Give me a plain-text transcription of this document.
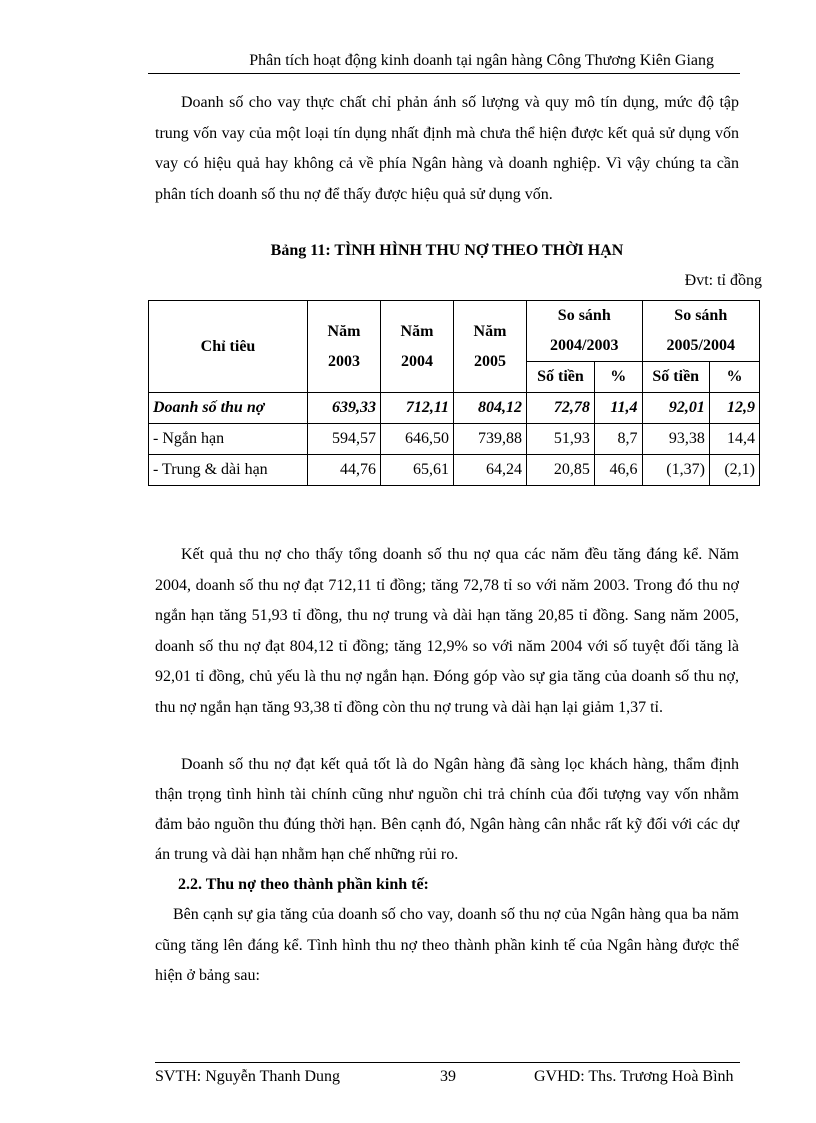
Phân tích hoạt động kinh doanh tại ngân hàng Công Thương Kiên Giang

Doanh số cho vay thực chất chỉ phản ánh số lượng và quy mô tín dụng, mức độ tập trung vốn vay của một loại tín dụng nhất định mà chưa thể hiện được kết quả sử dụng vốn vay có hiệu quả hay không cả về phía Ngân hàng và doanh nghiệp. Vì vậy chúng ta cần phân tích doanh số thu nợ để thấy được hiệu quả sử dụng vốn.

Bảng 11: TÌNH HÌNH THU NỢ THEO THỜI HẠN
Đvt: tỉ đồng
Chỉ tiêu	Năm 2003	Năm 2004	Năm 2005	So sánh 2004/2003		So sánh 2005/2004	
				Số tiền	%	Số tiền	%
Doanh số thu nợ	639,33	712,11	804,12	72,78	11,4	92,01	12,9
- Ngắn hạn	594,57	646,50	739,88	51,93	8,7	93,38	14,4
- Trung & dài hạn	44,76	65,61	64,24	20,85	46,6	(1,37)	(2,1)

Kết quả thu nợ cho thấy tổng doanh số thu nợ qua các năm đều tăng đáng kể. Năm 2004, doanh số thu nợ đạt 712,11 tỉ đồng; tăng 72,78 tỉ so với năm 2003. Trong đó thu nợ ngắn hạn tăng 51,93 tỉ đồng, thu nợ trung và dài hạn tăng 20,85 tỉ đồng. Sang năm 2005, doanh số thu nợ đạt 804,12 tỉ đồng; tăng 12,9% so với năm 2004 với số tuyệt đối tăng là 92,01 tỉ đồng, chủ yếu là thu nợ ngắn hạn. Đóng góp vào sự gia tăng của doanh số thu nợ, thu nợ ngắn hạn tăng 93,38 tỉ đồng còn thu nợ trung và dài hạn lại giảm 1,37 tỉ.

Doanh số thu nợ đạt kết quả tốt là do Ngân hàng đã sàng lọc khách hàng, thẩm định thận trọng tình hình tài chính cũng như nguồn chi trả chính của đối tượng vay vốn nhằm đảm bảo nguồn thu đúng thời hạn. Bên cạnh đó, Ngân hàng cân nhắc rất kỹ đối với các dự án trung và dài hạn nhằm hạn chế những rủi ro.

2.2. Thu nợ theo thành phần kinh tế:

Bên cạnh sự gia tăng của doanh số cho vay, doanh số thu nợ của Ngân hàng qua ba năm cũng tăng lên đáng kể. Tình hình thu nợ theo thành phần kinh tế của Ngân hàng được thể hiện ở bảng sau:

SVTH: Nguyễn Thanh Dung	39	GVHD: Ths. Trương Hoà Bình
